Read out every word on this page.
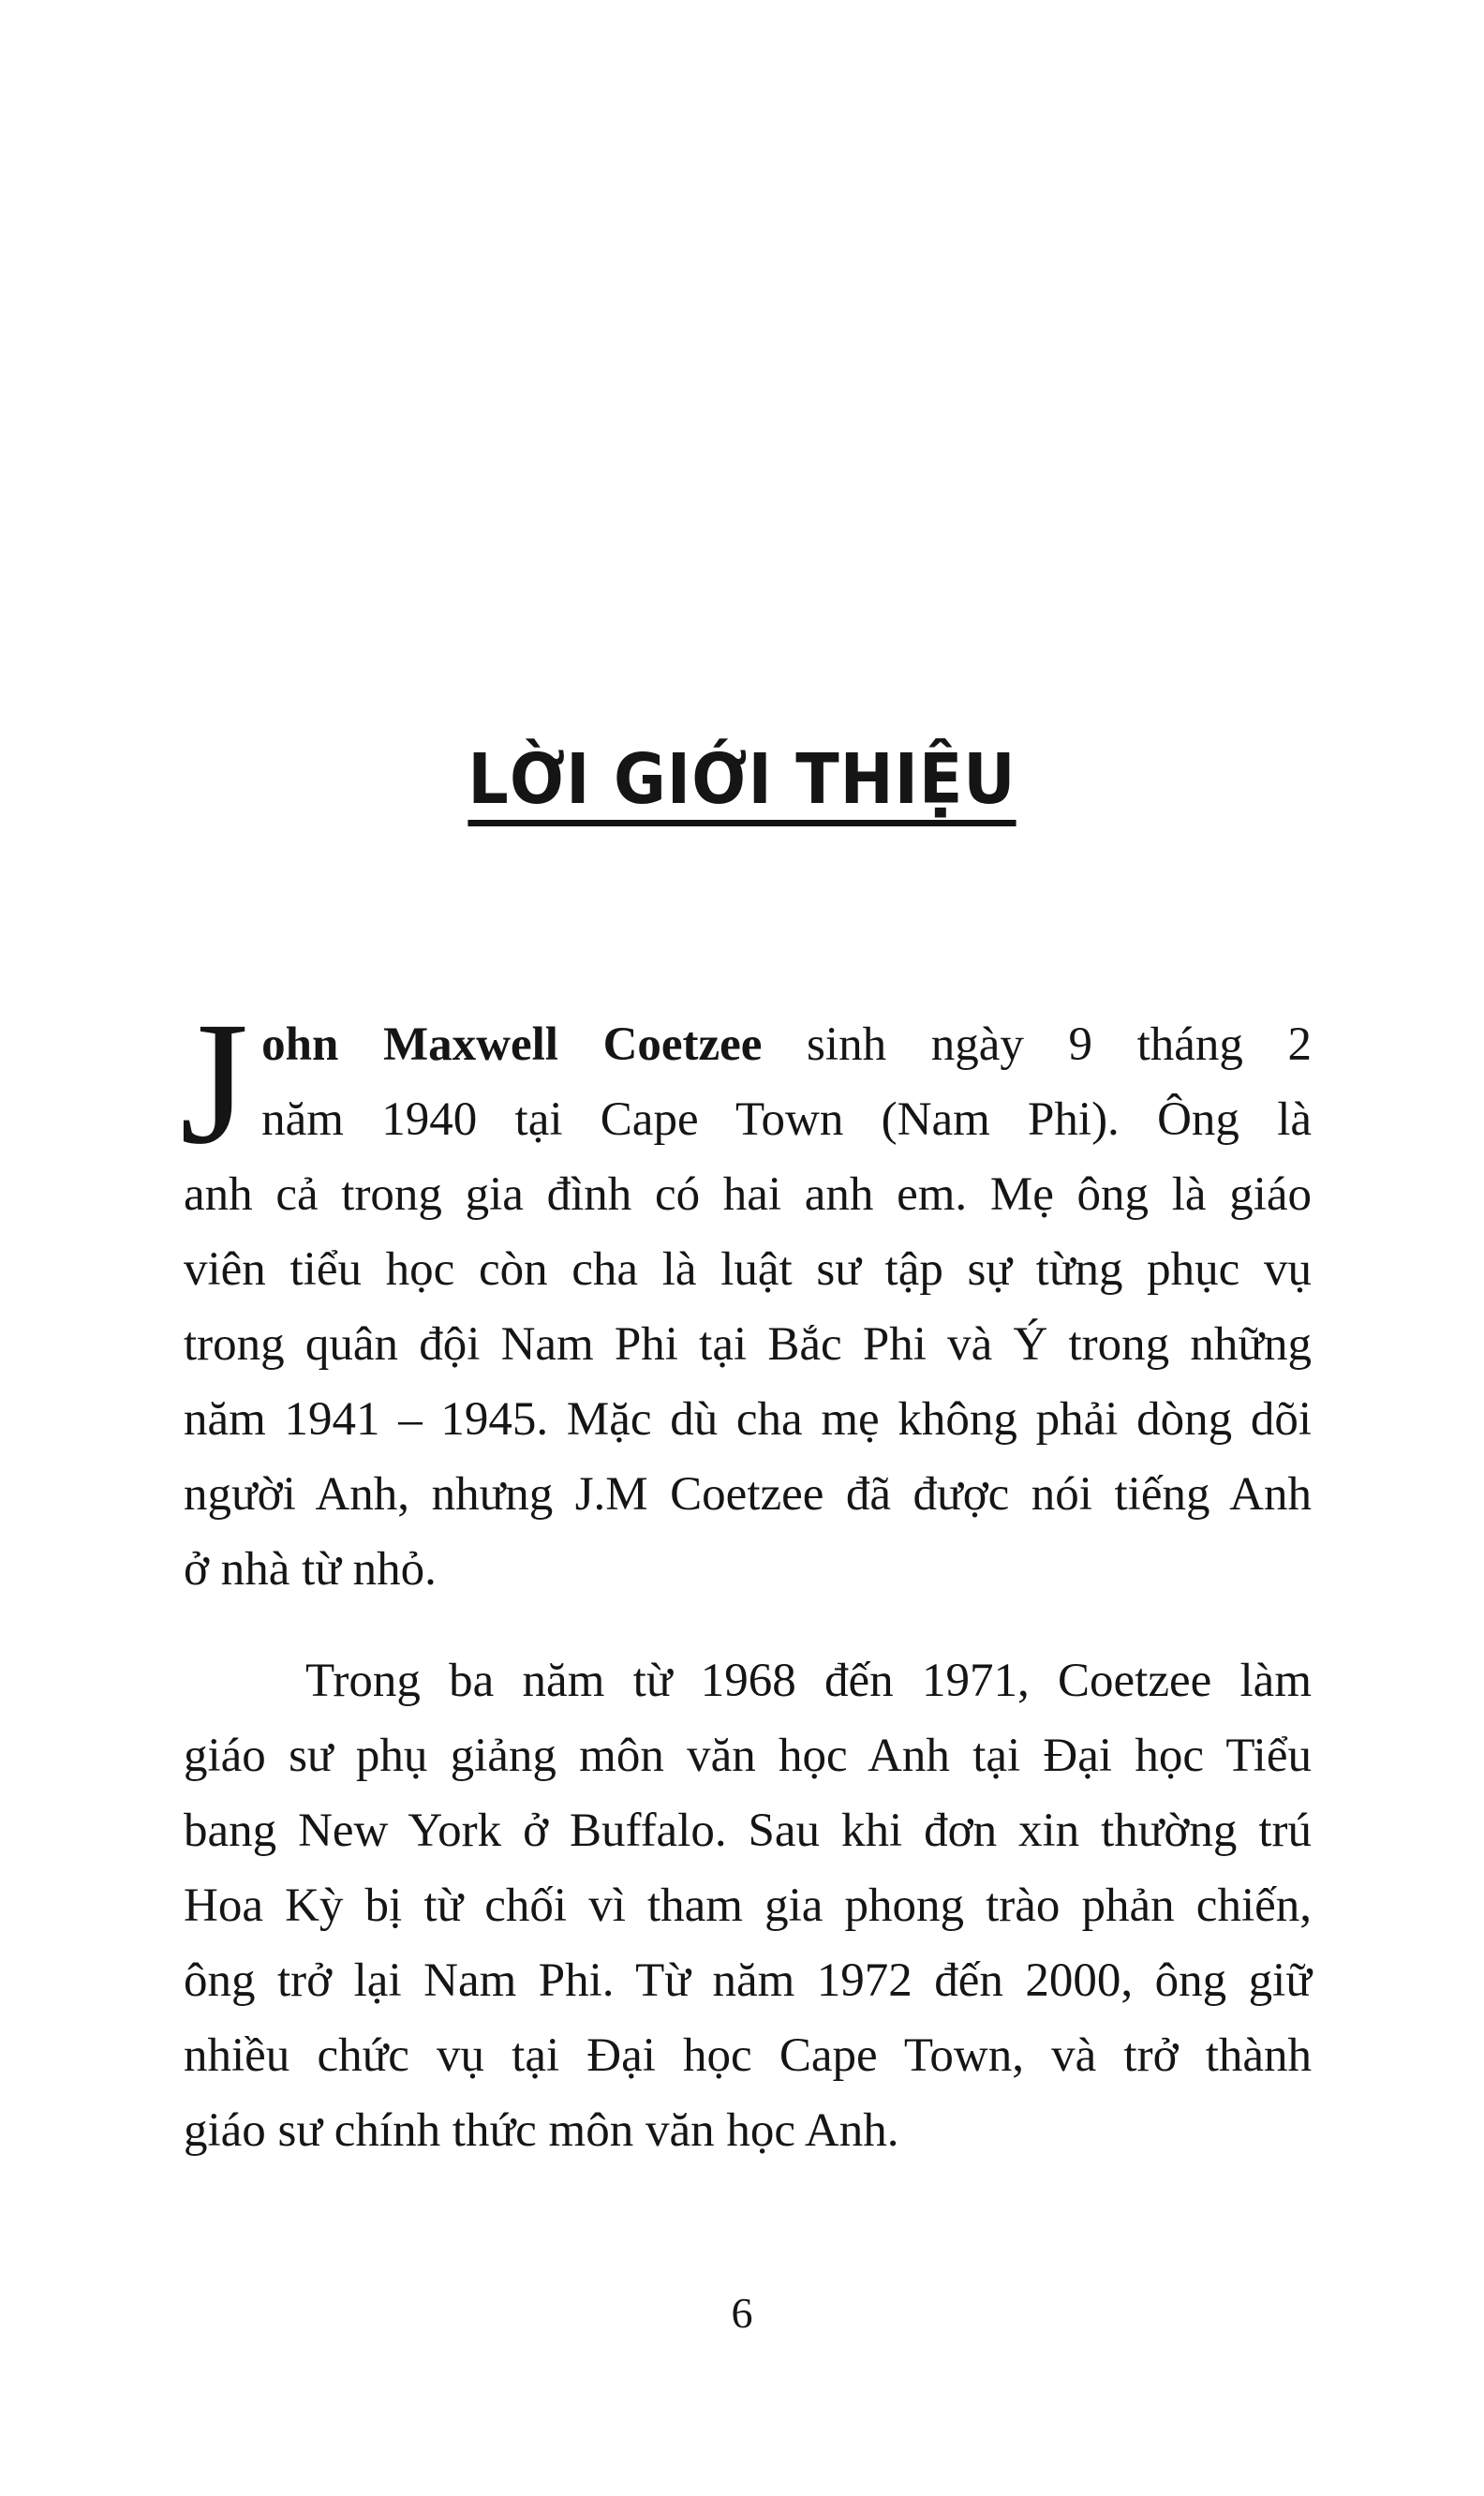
LỜI GIỚI THIỆU
J ohn Maxwell Coetzee sinh ngày 9 tháng 2
năm 1940 tại Cape Town (Nam Phi). Ông là
anh cả trong gia đình có hai anh em. Mẹ ông là giáo
viên tiểu học còn cha là luật sư tập sự từng phục vụ
trong quân đội Nam Phi tại Bắc Phi và Ý trong những
năm 1941 – 1945. Mặc dù cha mẹ không phải dòng dõi
người Anh, nhưng J.M Coetzee đã được nói tiếng Anh
ở nhà từ nhỏ.
Trong ba năm từ 1968 đến 1971, Coetzee làm
giáo sư phụ giảng môn văn học Anh tại Đại học Tiểu
bang New York ở Buffalo. Sau khi đơn xin thường trú
Hoa Kỳ bị từ chối vì tham gia phong trào phản chiến,
ông trở lại Nam Phi. Từ năm 1972 đến 2000, ông giữ
nhiều chức vụ tại Đại học Cape Town, và trở thành
giáo sư chính thức môn văn học Anh.
6
